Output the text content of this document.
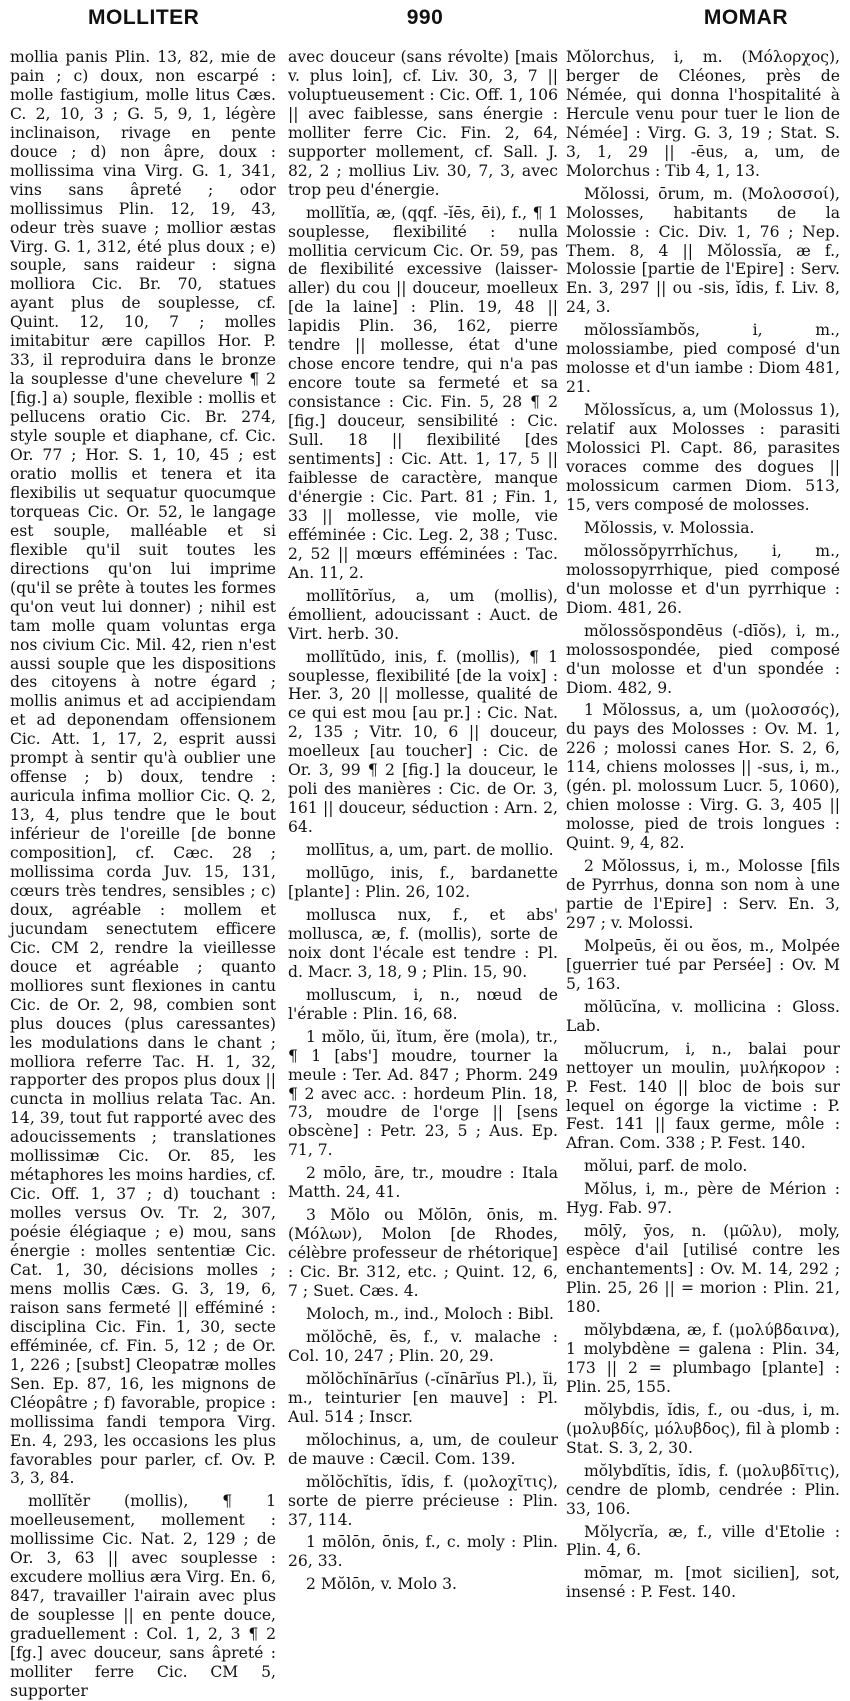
MOLLITER	990	MOMAR

mollia panis Plin. 13, 82, mie de pain ; c) doux, non escarpé : molle fastigium, molle litus Cæs. C. 2, 10, 3 ; G. 5, 9, 1, légère inclinaison, rivage en pente douce ; d) non âpre, doux : mollissima vina Virg. G. 1, 341, vins sans âpreté ; odor mollissimus Plin. 12, 19, 43, odeur très suave ; mollior æstas Virg. G. 1, 312, été plus doux ; e) souple, sans raideur : signa molliora Cic. Br. 70, statues ayant plus de souplesse, cf. Quint. 12, 10, 7 ; molles imitabitur ære capillos Hor. P. 33, il reproduira dans le bronze la souplesse d'une chevelure ¶ 2 [fig.] a) souple, flexible : mollis et pellucens oratio Cic. Br. 274, style souple et diaphane, cf. Cic. Or. 77 ; Hor. S. 1, 10, 45 ; est oratio mollis et tenera et ita flexibilis ut sequatur quocumque torqueas Cic. Or. 52, le langage est souple, malléable et si flexible qu'il suit toutes les directions qu'on lui imprime (qu'il se prête à toutes les formes qu'on veut lui donner) ; nihil est tam molle quam voluntas erga nos civium Cic. Mil. 42, rien n'est aussi souple que les dispositions des citoyens à notre égard ; mollis animus et ad accipiendam et ad deponendam offensionem Cic. Att. 1, 17, 2, esprit aussi prompt à sentir qu'à oublier une offense ; b) doux, tendre : auricula infima mollior Cic. Q. 2, 13, 4, plus tendre que le bout inférieur de l'oreille [de bonne composition], cf. Cæc. 28 ; mollissima corda Juv. 15, 131, cœurs très tendres, sensibles ; c) doux, agréable : mollem et jucundam senectutem efficere Cic. CM 2, rendre la vieillesse douce et agréable ; quanto molliores sunt flexiones in cantu Cic. de Or. 2, 98, combien sont plus douces (plus caressantes) les modulations dans le chant ; molliora referre Tac. H. 1, 32, rapporter des propos plus doux || cuncta in mollius relata Tac. An. 14, 39, tout fut rapporté avec des adoucissements ; translationes mollissimæ Cic. Or. 85, les métaphores les moins hardies, cf. Cic. Off. 1, 37 ; d) touchant : molles versus Ov. Tr. 2, 307, poésie élégiaque ; e) mou, sans énergie : molles sententiæ Cic. Cat. 1, 30, décisions molles ; mens mollis Cæs. G. 3, 19, 6, raison sans fermeté || efféminé : disciplina Cic. Fin. 1, 30, secte efféminée, cf. Fin. 5, 12 ; de Or. 1, 226 ; [subst] Cleopatræ molles Sen. Ep. 87, 16, les mignons de Cléopâtre ; f) favorable, propice : mollissima fandi tempora Virg. En. 4, 293, les occasions les plus favorables pour parler, cf. Ov. P. 3, 3, 84.

mollĭtĕr (mollis), ¶ 1 moelleusement, mollement : mollissime Cic. Nat. 2, 129 ; de Or. 3, 63 || avec souplesse : excudere mollius æra Virg. En. 6, 847, travailler l'airain avec plus de souplesse || en pente douce, graduellement : Col. 1, 2, 3 ¶ 2 [fg.] avec douceur, sans âpreté : molliter ferre Cic. CM 5, supporter

avec douceur (sans révolte) [mais v. plus loin], cf. Liv. 30, 3, 7 || voluptueusement : Cic. Off. 1, 106 || avec faiblesse, sans énergie : molliter ferre Cic. Fin. 2, 64, supporter mollement, cf. Sall. J. 82, 2 ; mollius Liv. 30, 7, 3, avec trop peu d'énergie.

mollĭtĭa, æ, (qqf. -ĭēs, ēi), f., ¶ 1 souplesse, flexibilité : nulla mollitia cervicum Cic. Or. 59, pas de flexibilité excessive (laisser-aller) du cou || douceur, moelleux [de la laine] : Plin. 19, 48 || lapidis Plin. 36, 162, pierre tendre || mollesse, état d'une chose encore tendre, qui n'a pas encore toute sa fermeté et sa consistance : Cic. Fin. 5, 28 ¶ 2 [fig.] douceur, sensibilité : Cic. Sull. 18 || flexibilité [des sentiments] : Cic. Att. 1, 17, 5 || faiblesse de caractère, manque d'énergie : Cic. Part. 81 ; Fin. 1, 33 || mollesse, vie molle, vie efféminée : Cic. Leg. 2, 38 ; Tusc. 2, 52 || mœurs efféminées : Tac. An. 11, 2.

mollĭtōrĭus, a, um (mollis), émollient, adoucissant : Auct. de Virt. herb. 30.

mollĭtūdo, inis, f. (mollis), ¶ 1 souplesse, flexibilité [de la voix] : Her. 3, 20 || mollesse, qualité de ce qui est mou [au pr.] : Cic. Nat. 2, 135 ; Vitr. 10, 6 || douceur, moelleux [au toucher] : Cic. de Or. 3, 99 ¶ 2 [fig.] la douceur, le poli des manières : Cic. de Or. 3, 161 || douceur, séduction : Arn. 2, 64.

mollītus, a, um, part. de mollio.

mollūgo, inis, f., bardanette [plante] : Plin. 26, 102.

mollusca nux, f., et abs' mollusca, æ, f. (mollis), sorte de noix dont l'écale est tendre : Pl. d. Macr. 3, 18, 9 ; Plin. 15, 90.

molluscum, i, n., nœud de l'érable : Plin. 16, 68.

1 mŏlo, ŭi, ĭtum, ĕre (mola), tr., ¶ 1 [abs'] moudre, tourner la meule : Ter. Ad. 847 ; Phorm. 249 ¶ 2 avec acc. : hordeum Plin. 18, 73, moudre de l'orge || [sens obscène] : Petr. 23, 5 ; Aus. Ep. 71, 7.

2 mōlo, āre, tr., moudre : Itala Matth. 24, 41.

3 Mŏlo ou Mŏlōn, ōnis, m. (Μόλων), Molon [de Rhodes, célèbre professeur de rhétorique] : Cic. Br. 312, etc. ; Quint. 12, 6, 7 ; Suet. Cæs. 4.

Moloch, m., ind., Moloch : Bibl.

mŏlŏchē, ēs, f., v. malache : Col. 10, 247 ; Plin. 20, 29.

mŏlŏchĭnārĭus (-cĭnārĭus Pl.), ĭi, m., teinturier [en mauve] : Pl. Aul. 514 ; Inscr.

mŏlochinus, a, um, de couleur de mauve : Cæcil. Com. 139.

mŏlŏchĭtis, ĭdis, f. (μολοχῖτις), sorte de pierre précieuse : Plin. 37, 114.

1 mōlōn, ōnis, f., c. moly : Plin. 26, 33.

2 Mŏlōn, v. Molo 3.

Mŏlorchus, i, m. (Μόλορχος), berger de Cléones, près de Némée, qui donna l'hospitalité à Hercule venu pour tuer le lion de Némée] : Virg. G. 3, 19 ; Stat. S. 3, 1, 29 || -ēus, a, um, de Molorchus : Tib 4, 1, 13.

Mŏlossi, ōrum, m. (Μολοσσοί), Molosses, habitants de la Molossie : Cic. Div. 1, 76 ; Nep. Them. 8, 4 || Mŏlossĭa, æ f., Molossie [partie de l'Epire] : Serv. En. 3, 297 || ou -sis, ĭdis, f. Liv. 8, 24, 3.

mŏlossĭambŏs, i, m., molossiambe, pied composé d'un molosse et d'un iambe : Diom 481, 21.

Mŏlossĭcus, a, um (Molossus 1), relatif aux Molosses : parasiti Molossici Pl. Capt. 86, parasites voraces comme des dogues || molossicum carmen Diom. 513, 15, vers composé de molosses.

Mŏlossis, v. Molossia.

mŏlossŏpyrrhĭchus, i, m., molossopyrrhique, pied composé d'un molosse et d'un pyrrhique : Diom. 481, 26.

mŏlossŏspondēus (-dīŏs), i, m., molossospondée, pied composé d'un molosse et d'un spondée : Diom. 482, 9.

1 Mŏlossus, a, um (μολοσσός), du pays des Molosses : Ov. M. 1, 226 ; molossi canes Hor. S. 2, 6, 114, chiens molosses || -sus, i, m., (gén. pl. molossum Lucr. 5, 1060), chien molosse : Virg. G. 3, 405 || molosse, pied de trois longues : Quint. 9, 4, 82.

2 Mŏlossus, i, m., Molosse [fils de Pyrrhus, donna son nom à une partie de l'Epire] : Serv. En. 3, 297 ; v. Molossi.

Molpeūs, ĕi ou ĕos, m., Molpée [guerrier tué par Persée] : Ov. M 5, 163.

mŏlūcĭna, v. mollicina : Gloss. Lab.

mŏlucrum, i, n., balai pour nettoyer un moulin, μυλήκορον : P. Fest. 140 || bloc de bois sur lequel on égorge la victime : P. Fest. 141 || faux germe, môle : Afran. Com. 338 ; P. Fest. 140.

mŏlui, parf. de molo.

Mŏlus, i, m., père de Mérion : Hyg. Fab. 97.

mōlȳ, ȳos, n. (μῶλυ), moly, espèce d'ail [utilisé contre les enchantements] : Ov. M. 14, 292 ; Plin. 25, 26 || = morion : Plin. 21, 180.

mŏlybdæna, æ, f. (μολύβδαινα), 1 molybdène = galena : Plin. 34, 173 || 2 = plumbago [plante] : Plin. 25, 155.

mŏlybdis, ĭdis, f., ou -dus, i, m. (μολυβδίς, μόλυβδος), fil à plomb : Stat. S. 3, 2, 30.

mŏlybdĭtis, ĭdis, f. (μολυβδῖτις), cendre de plomb, cendrée : Plin. 33, 106.

Mŏlycrĭa, æ, f., ville d'Etolie : Plin. 4, 6.

mōmar, m. [mot sicilien], sot, insensé : P. Fest. 140.
